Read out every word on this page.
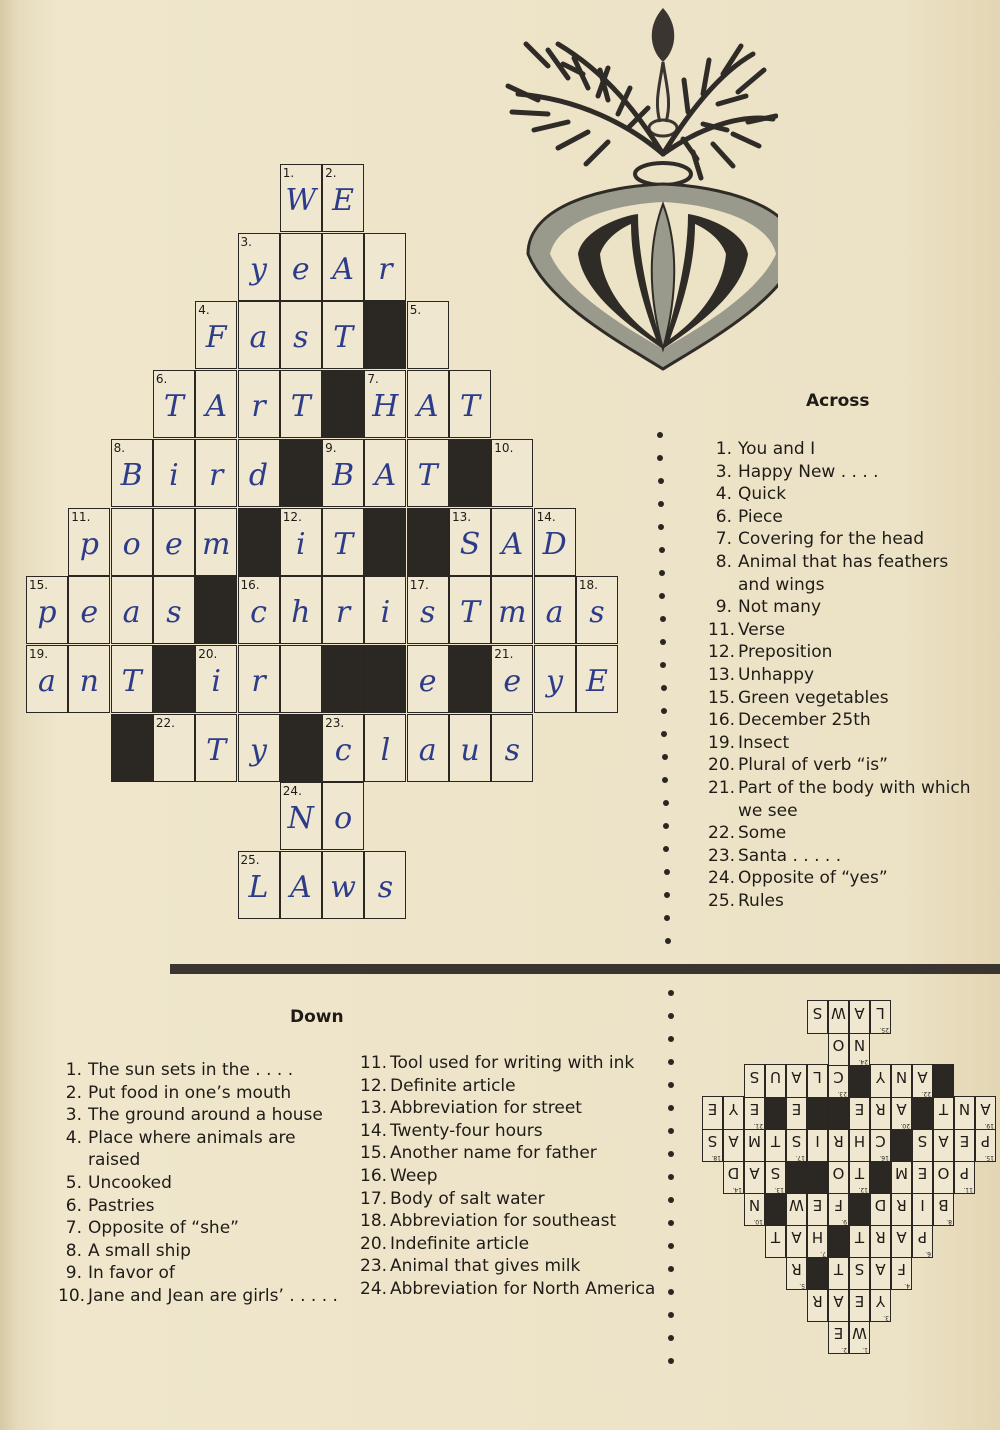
1.
W
2.
E
3.
y e A r
4.
F a s T
5.
6.
T A r T
7.
H A T
8.
B i	r d
9.
B A T
10.
11.
p o e m
12.
i T
13.
S A
14.
D
15.
p e a s
16.
c h r	i
17.
s T m a
18.
s
19.
a n T
20.
i	r	e
21.
e y E
22.
T y
23.
c l a u s
24.
N o
25.
L A w s
Across
1. You and I
3. Happy New . . . .
4. Quick
6. Piece
7. Covering for the head
8. Animal that has feathers and wings
9. Not many
11. Verse
12. Preposition
13. Unhappy
15. Green vegetables
16. December 25th
19. Insect
20. Plural of verb “is”
21. Part of the body with which we see
22. Some
23. Santa . . . . .
24. Opposite of “yes”
25. Rules
Down
1. The sun sets in the . . . .
2. Put food in one’s mouth
3. The ground around a house
4. Place where animals are raised
5. Uncooked
6. Pastries
7. Opposite of “she”
8. A small ship
9. In favor of
10. Jane and Jean are girls’ . . . . .
11. Tool used for writing with ink
12. Definite article
13. Abbreviation for street
14. Twenty-four hours
15. Another name for father
16. Weep
17. Body of salt water
18. Abbreviation for southeast
20. Indefinite article
23. Animal that gives milk
24. Abbreviation for North America
1.
W
2.
E
3.
Y
E
A
R
4.
F
A
S
T
5.
R
6.
P
A
R
T
7.
H
A
T
8.
B
I
R
D
9.
F
E
W
10.
N
11.
P
O
E
M
12.
T
O
13.
S
A
14.
D
15.
P
E
A
S
16.
C
H
R
I
17.
S
T
M
A
18.
S
19.
A
N
T
20.
A
R
E
E
21.
E
Y
E
22.
A
N
Y
23.
C
L
A
U
S
24.
N
O
25.
L
A
W
S
